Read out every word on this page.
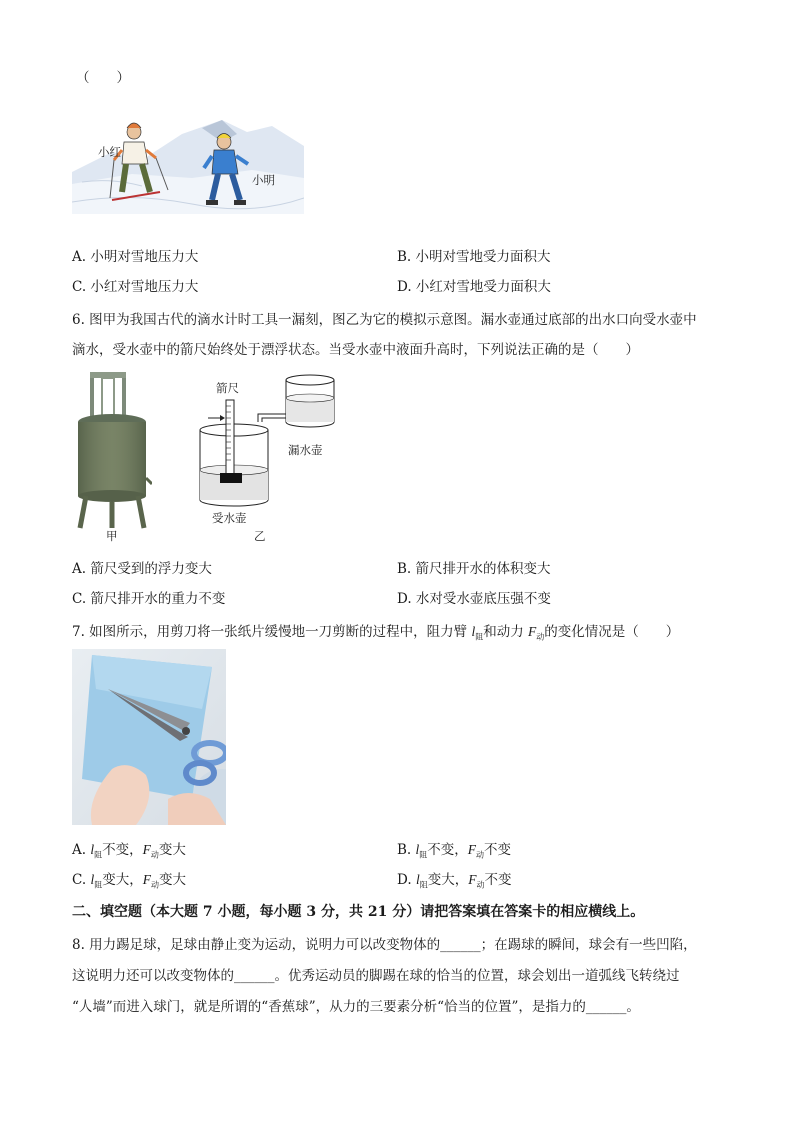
（　　）
小红
小明
A. 小明对雪地压力大	B. 小明对雪地受力面积大
C. 小红对雪地压力大	D. 小红对雪地受力面积大
6. 图甲为我国古代的滴水计时工具一漏刻，图乙为它的模拟示意图。漏水壶通过底部的出水口向受水壶中
滴水，受水壶中的箭尺始终处于漂浮状态。当受水壶中液面升高时，下列说法正确的是（　　）
甲
漏水壶
箭尺
受水壶
乙
A. 箭尺受到的浮力变大	B. 箭尺排开水的体积变大
C. 箭尺排开水的重力不变	D. 水对受水壶底压强不变
7. 如图所示，用剪刀将一张纸片缓慢地一刀剪断的过程中，阻力臂 $l_阻$和动力 $F_动$的变化情况是（　　）
A. $l_阻$不变，$F_动$变大	B. $l_阻$不变，$F_动$不变
C. $l_阻$变大，$F_动$变大	D. $l_阻$变大，$F_动$不变
二、填空题（本大题 7 小题，每小题 3 分，共 21 分）请把答案填在答案卡的相应横线上。
8. 用力踢足球，足球由静止变为运动，说明力可以改变物体的______；在踢球的瞬间，球会有一些凹陷，
这说明力还可以改变物体的______。优秀运动员的脚踢在球的恰当的位置，球会划出一道弧线飞转绕过
“人墙”而进入球门，就是所谓的“香蕉球”，从力的三要素分析“恰当的位置”，是指力的______。
